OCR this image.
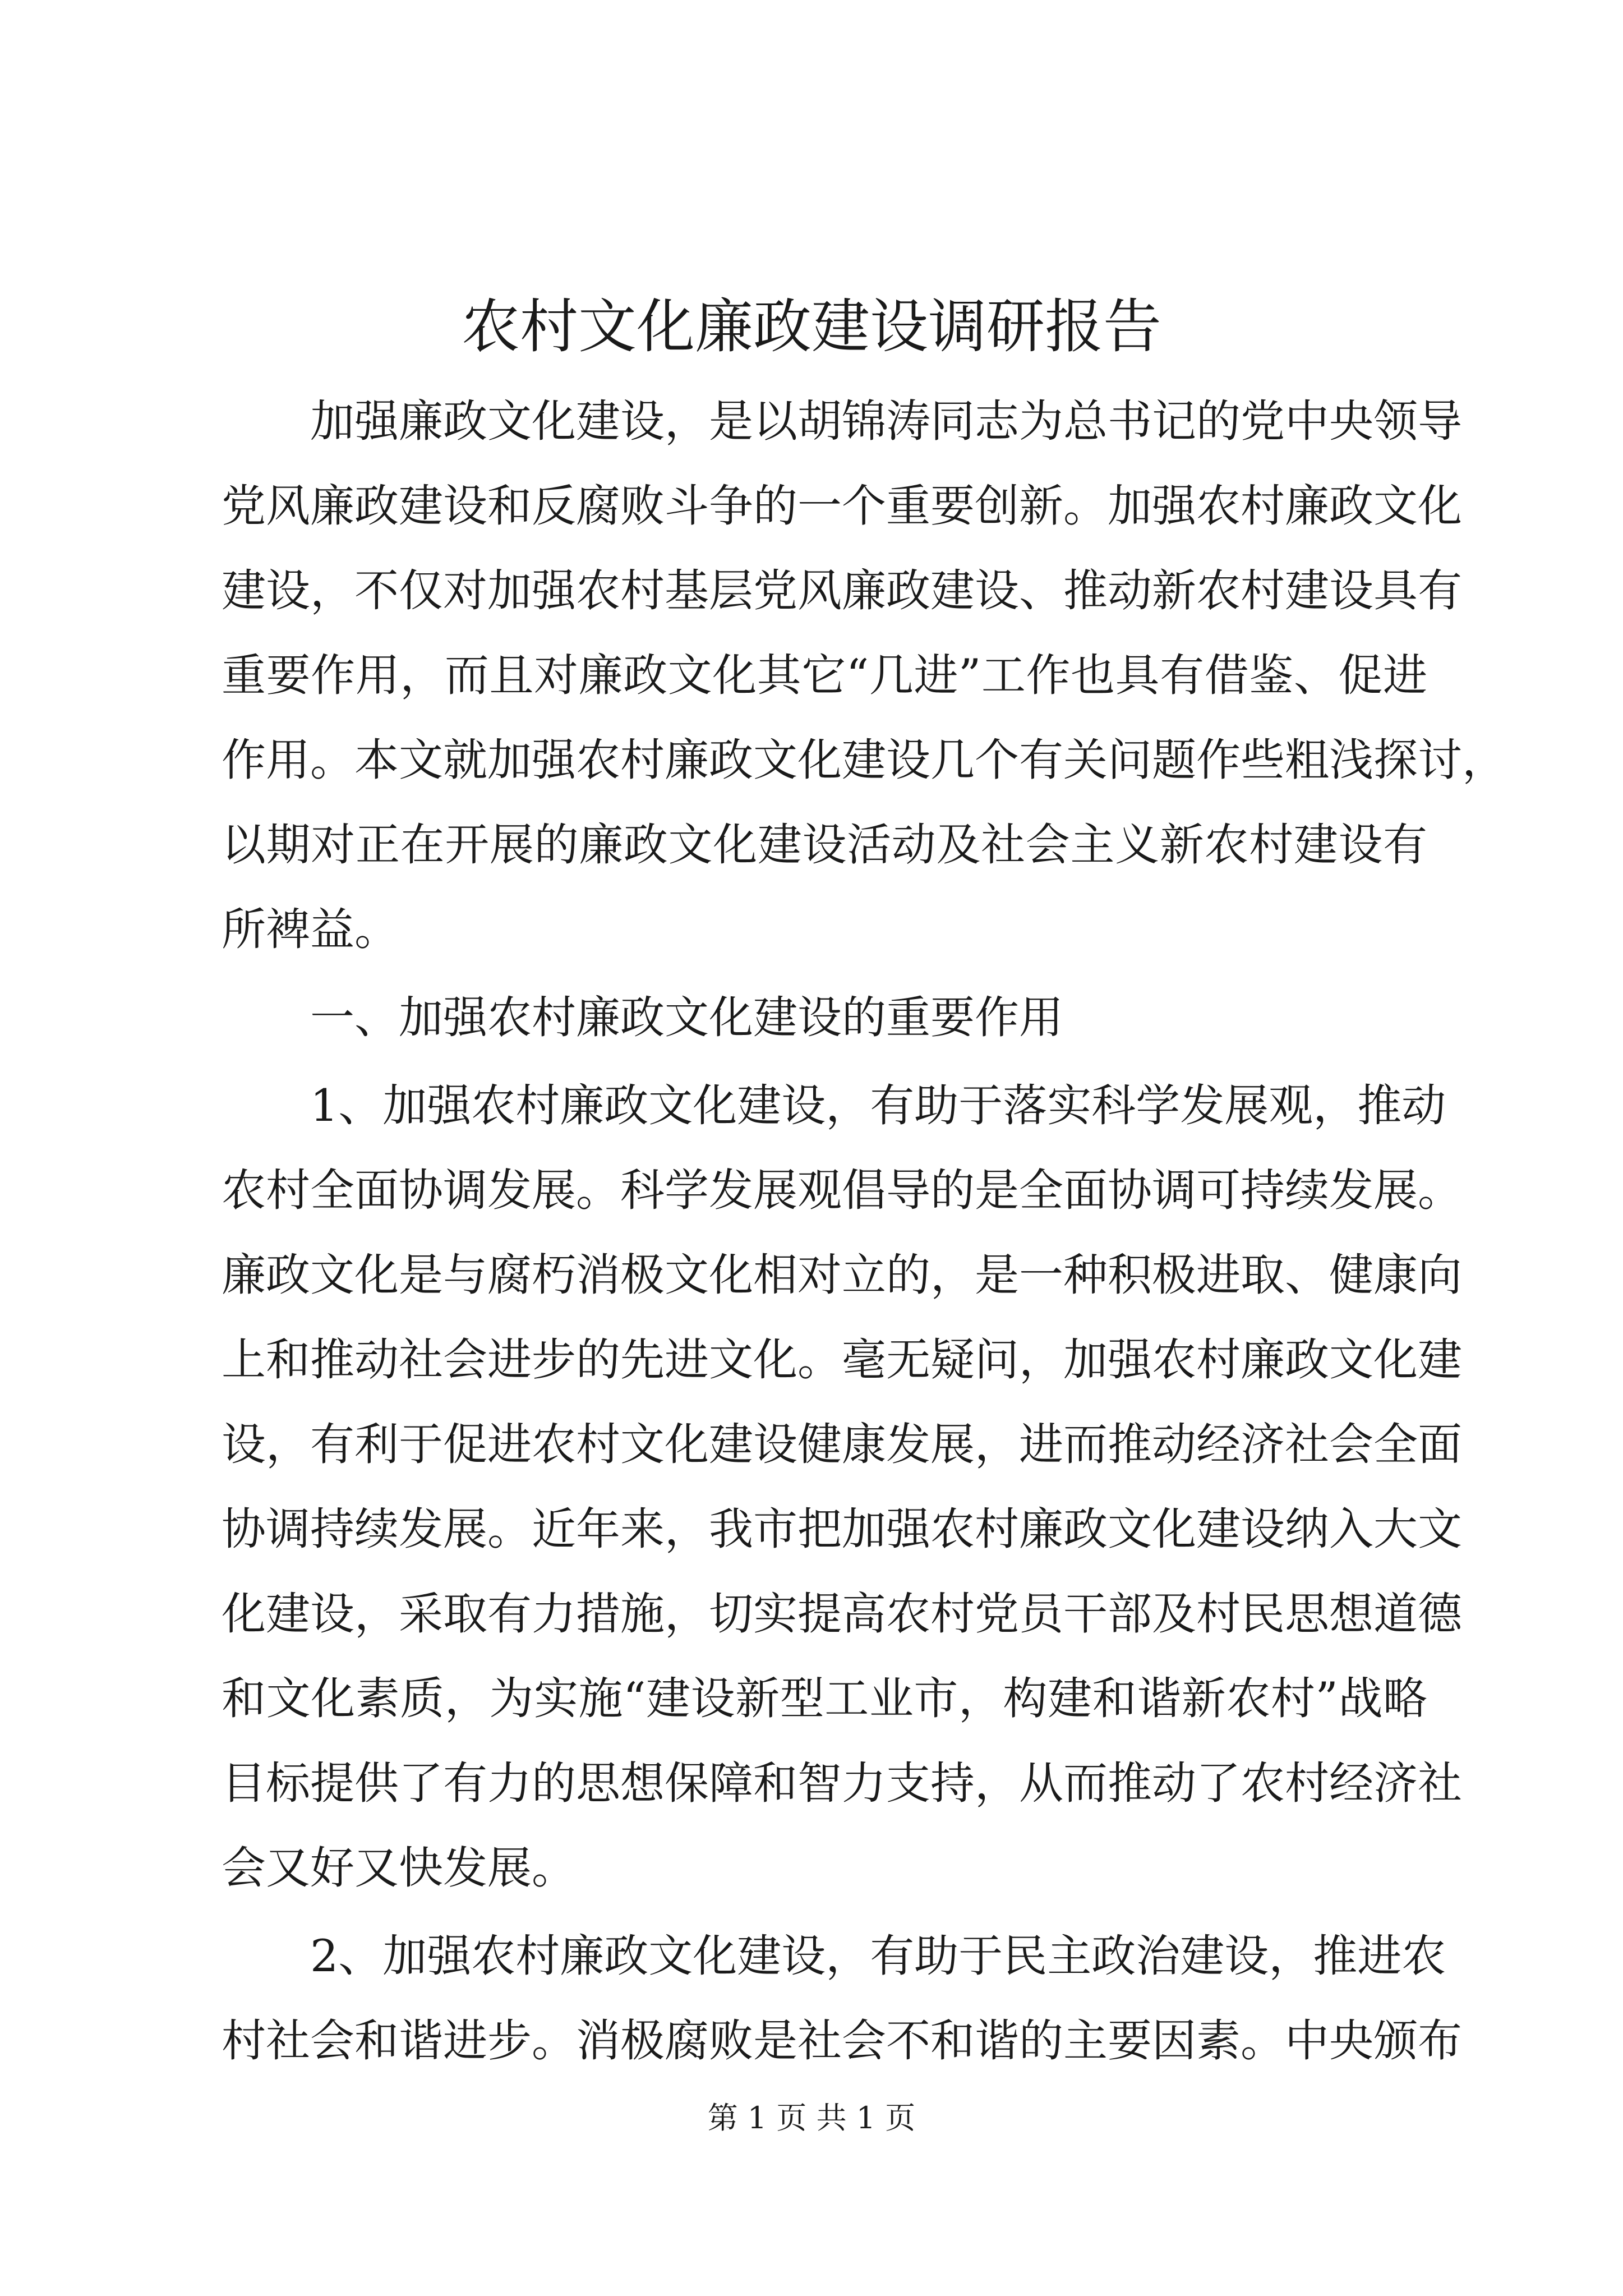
农村文化廉政建设调研报告
加强廉政文化建设，是以胡锦涛同志为总书记的党中央领导
党风廉政建设和反腐败斗争的一个重要创新。加强农村廉政文化
建设，不仅对加强农村基层党风廉政建设、推动新农村建设具有
重要作用，而且对廉政文化其它“几进”工作也具有借鉴、促进
作用。本文就加强农村廉政文化建设几个有关问题作些粗浅探讨，
以期对正在开展的廉政文化建设活动及社会主义新农村建设有
所裨益。
一、加强农村廉政文化建设的重要作用
1、加强农村廉政文化建设，有助于落实科学发展观，推动
农村全面协调发展。科学发展观倡导的是全面协调可持续发展。
廉政文化是与腐朽消极文化相对立的，是一种积极进取、健康向
上和推动社会进步的先进文化。毫无疑问，加强农村廉政文化建
设，有利于促进农村文化建设健康发展，进而推动经济社会全面
协调持续发展。近年来，我市把加强农村廉政文化建设纳入大文
化建设，采取有力措施，切实提高农村党员干部及村民思想道德
和文化素质，为实施“建设新型工业市，构建和谐新农村”战略
目标提供了有力的思想保障和智力支持，从而推动了农村经济社
会又好又快发展。
2、加强农村廉政文化建设，有助于民主政治建设，推进农
村社会和谐进步。消极腐败是社会不和谐的主要因素。中央颁布
第 1 页 共 1 页
